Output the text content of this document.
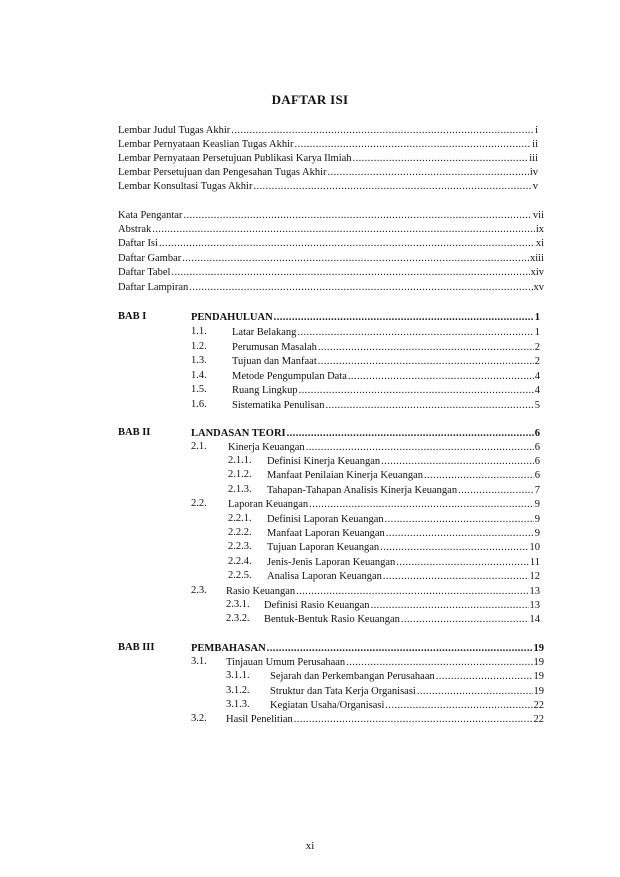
DAFTAR ISI
Lembar Judul Tugas Akhir .....	i
Lembar Pernyataan Keaslian Tugas Akhir .....	ii
Lembar Pernyataan Persetujuan Publikasi Karya Ilmiah .....	iii
Lembar Persetujuan dan Pengesahan Tugas Akhir .....	iv
Lembar Konsultasi Tugas Akhir .....	v
Kata Pengantar .....	vii
Abstrak .....	ix
Daftar Isi .....	xi
Daftar Gambar .....	xiii
Daftar Tabel .....	xiv
Daftar Lampiran .....	xv
BAB I	PENDAHULUAN .....	1
1.1. Latar Belakang .....	1
1.2. Perumusan Masalah .....	2
1.3. Tujuan dan Manfaat .....	2
1.4. Metode Pengumpulan Data .....	4
1.5. Ruang Lingkup .....	4
1.6. Sistematika Penulisan .....	5
BAB II	LANDASAN TEORI .....	6
2.1. Kinerja Keuangan .....	6
2.1.1. Definisi Kinerja Keuangan .....	6
2.1.2. Manfaat Penilaian Kinerja Keuangan .....	6
2.1.3. Tahapan-Tahapan Analisis Kinerja Keuangan .....	7
2.2. Laporan Keuangan .....	9
2.2.1. Definisi Laporan Keuangan .....	9
2.2.2. Manfaat Laporan Keuangan .....	9
2.2.3. Tujuan Laporan Keuangan .....	10
2.2.4. Jenis-Jenis Laporan Keuangan .....	11
2.2.5. Analisa Laporan Keuangan .....	12
2.3. Rasio Keuangan .....	13
2.3.1. Definisi Rasio Keuangan .....	13
2.3.2. Bentuk-Bentuk Rasio Keuangan .....	14
BAB III	PEMBAHASAN .....	19
3.1. Tinjauan Umum Perusahaan .....	19
3.1.1. Sejarah dan Perkembangan Perusahaan .....	19
3.1.2. Struktur dan Tata Kerja Organisasi .....	19
3.1.3. Kegiatan Usaha/Organisasi .....	22
3.2. Hasil Penelitian .....	22
xi
